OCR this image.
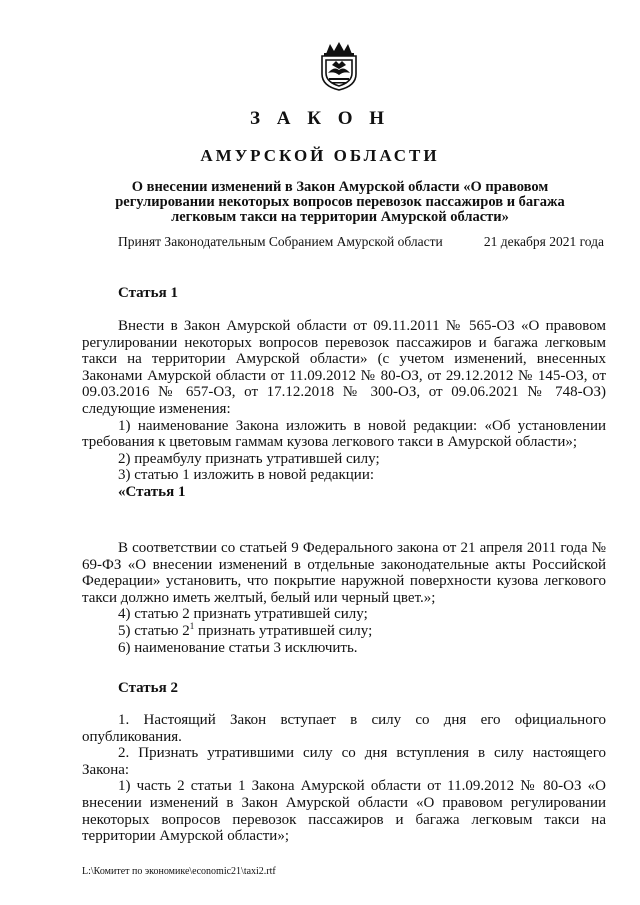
З А К О Н
АМУРСКОЙ ОБЛАСТИ
О внесении изменений в Закон Амурской области «О правовом регулировании некоторых вопросов перевозок пассажиров и багажа легковым такси на территории Амурской области»
Принят Законодательным Собранием Амурской области	21 декабря 2021 года
Статья 1

Внести в Закон Амурской области от 09.11.2011 № 565-ОЗ «О правовом регулировании некоторых вопросов перевозок пассажиров и багажа легковым такси на территории Амурской области» (с учетом изменений, внесенных Законами Амурской области от 11.09.2012 № 80-ОЗ, от 29.12.2012 № 145-ОЗ, от 09.03.2016 № 657-ОЗ, от 17.12.2018 № 300-ОЗ, от 09.06.2021 № 748-ОЗ) следующие изменения:

1) наименование Закона изложить в новой редакции: «Об установлении требования к цветовым гаммам кузова легкового такси в Амурской области»;

2) преамбулу признать утратившей силу;

3) статью 1 изложить в новой редакции:

«Статья 1

В соответствии со статьей 9 Федерального закона от 21 апреля 2011 года № 69-ФЗ «О внесении изменений в отдельные законодательные акты Российской Федерации» установить, что покрытие наружной поверхности кузова легкового такси должно иметь желтый, белый или черный цвет.»;

4) статью 2 признать утратившей силу;

5) статью $2^1$ признать утратившей силу;

6) наименование статьи 3 исключить.

Статья 2

1. Настоящий Закон вступает в силу со дня его официального опубликования.

2. Признать утратившими силу со дня вступления в силу настоящего Закона:

1) часть 2 статьи 1 Закона Амурской области от 11.09.2012 № 80-ОЗ «О внесении изменений в Закон Амурской области «О правовом регулировании некоторых вопросов перевозок пассажиров и багажа легковым такси на территории Амурской области»;

L:\Комитет по экономике\economic21\taxi2.rtf
